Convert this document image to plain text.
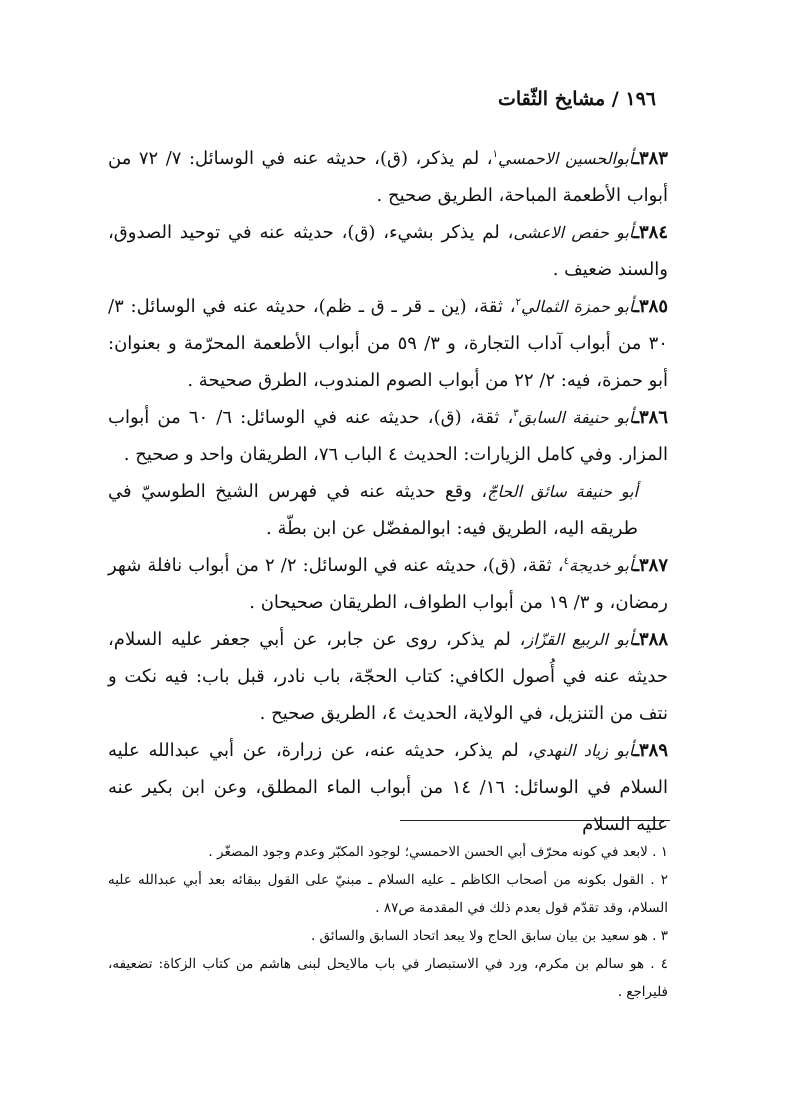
١٩٦ / مشايخ الثّقات
٣٨٣ـأبوالحسين الاحمسي$^١$، لم يذكر، (ق)، حديثه عنه في الوسائل: ٧/ ٧٢ من أبواب الأطعمة المباحة، الطريق صحيح .
٣٨٤ـأبو حفص الاعشى، لم يذكر بشيء، (ق)، حديثه عنه في توحيد الصدوق، والسند ضعيف .
٣٨٥ـأبو حمزة الثمالي$^٢$، ثقة، (ين ـ قر ـ ق ـ ظم)، حديثه عنه في الوسائل: ٣/ ٣٠ من أبواب آداب التجارة، و ٣/ ٥٩ من أبواب الأطعمة المحرّمة و بعنوان: أبو حمزة، فيه: ٢/ ٢٢ من أبواب الصوم المندوب، الطرق صحيحة .
٣٨٦ـأبو حنيفة السابق$^٣$، ثقة، (ق)، حديثه عنه في الوسائل: ٦/ ٦٠ من أبواب المزار. وفي كامل الزيارات: الحديث ٤ الباب ٧٦، الطريقان واحد و صحيح .
أبو حنيفة سائق الحاجّ، وقع حديثه عنه في فهرس الشيخ الطوسيّ في طريقه اليه، الطريق فيه: ابوالمفضّل عن ابن بطّة .
٣٨٧ـأبو خديجة$^٤$، ثقة، (ق)، حديثه عنه في الوسائل: ٢/ ٢ من أبواب نافلة شهر رمضان، و ٣/ ١٩ من أبواب الطواف، الطريقان صحيحان .
٣٨٨ـأبو الربيع القزّاز، لم يذكر، روى عن جابر، عن أبي جعفر عليه السلام، حديثه عنه في أُصول الكافي: كتاب الحجّة، باب نادر، قبل باب: فيه نكت و نتف من التنزيل، في الولاية، الحديث ٤، الطريق صحيح .
٣٨٩ـأبو زياد النهدي، لم يذكر، حديثه عنه، عن زرارة، عن أبي عبدالله عليه السلام في الوسائل: ١٦/ ١٤ من أبواب الماء المطلق، وعن ابن بكير عنه عليه السلام
١ . لابعد في كونه محرّف أبي الحسن الاحمسي؛ لوجود المكبّر وعدم وجود المصغّر .
٢ . القول بكونه من أصحاب الكاظم ـ عليه السلام ـ مبنيّ على القول ببقائه بعد أبي عبدالله عليه السلام، وقد تقدّم قول بعدم ذلك في المقدمة ص٨٧ .
٣ . هو سعيد بن بيان سابق الحاج ولا يبعد اتحاد السابق والسائق .
٤ . هو سالم بن مكرم، ورد في الاستبصار في باب مالايحل لبنى هاشم من كتاب الزكاة: تضعيفه، فليراجع .
